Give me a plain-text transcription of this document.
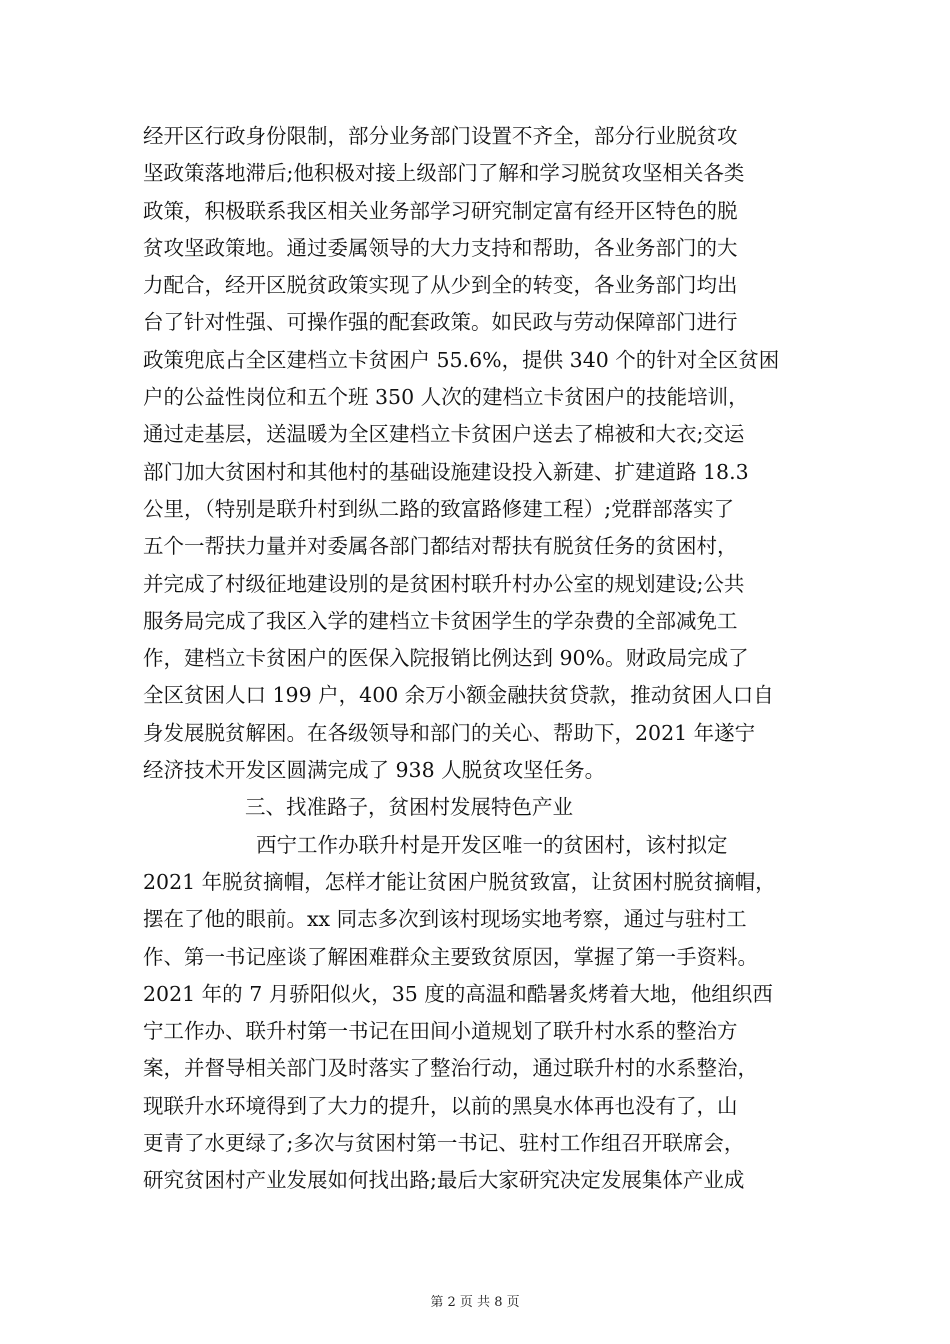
经开区行政身份限制，部分业务部门设置不齐全，部分行业脱贫攻
坚政策落地滞后;他积极对接上级部门了解和学习脱贫攻坚相关各类
政策，积极联系我区相关业务部学习研究制定富有经开区特色的脱
贫攻坚政策地。通过委属领导的大力支持和帮助，各业务部门的大
力配合，经开区脱贫政策实现了从少到全的转变，各业务部门均出
台了针对性强、可操作强的配套政策。如民政与劳动保障部门进行
政策兜底占全区建档立卡贫困户 55.6%，提供 340 个的针对全区贫困
户的公益性岗位和五个班 350 人次的建档立卡贫困户的技能培训，
通过走基层，送温暖为全区建档立卡贫困户送去了棉被和大衣;交运
部门加大贫困村和其他村的基础设施建设投入新建、扩建道路 18.3
公里，（特别是联升村到纵二路的致富路修建工程）;党群部落实了
五个一帮扶力量并对委属各部门都结对帮扶有脱贫任务的贫困村，
并完成了村级征地建设別的是贫困村联升村办公室的规划建设;公共
服务局完成了我区入学的建档立卡贫困学生的学杂费的全部减免工
作，建档立卡贫困户的医保入院报销比例达到 90%。财政局完成了
全区贫困人口 199 户，400 余万小额金融扶贫贷款，推动贫困人口自
身发展脱贫解困。在各级领导和部门的关心、帮助下，2021 年遂宁
经济技术开发区圆满完成了 938 人脱贫攻坚任务。
三、找准路子，贫困村发展特色产业
西宁工作办联升村是开发区唯一的贫困村，该村拟定
2021 年脱贫摘帽，怎样才能让贫困户脱贫致富，让贫困村脱贫摘帽，
摆在了他的眼前。xx 同志多次到该村现场实地考察，通过与驻村工
作、第一书记座谈了解困难群众主要致贫原因，掌握了第一手资料。
2021 年的 7 月骄阳似火，35 度的高温和酷暑炙烤着大地，他组织西
宁工作办、联升村第一书记在田间小道规划了联升村水系的整治方
案，并督导相关部门及时落实了整治行动，通过联升村的水系整治，
现联升水环境得到了大力的提升，以前的黑臭水体再也没有了，山
更青了水更绿了;多次与贫困村第一书记、驻村工作组召开联席会，
研究贫困村产业发展如何找出路;最后大家研究决定发展集体产业成
第 2 页 共 8 页
